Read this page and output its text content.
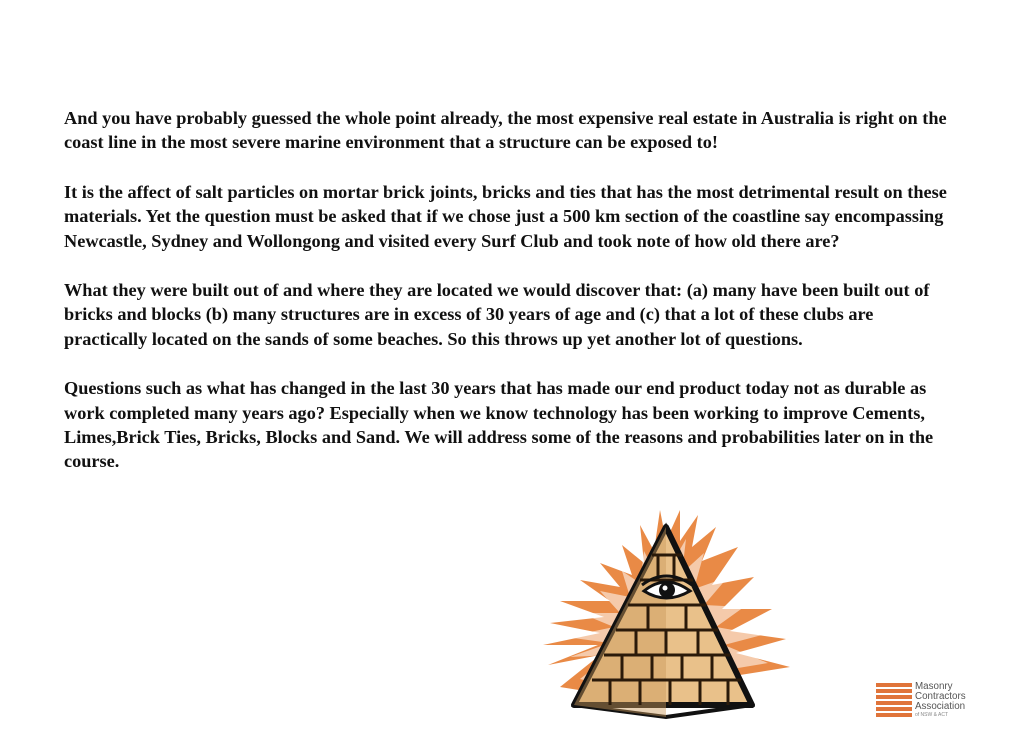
And you have probably guessed the whole point already, the most expensive real estate in Australia is right on the coast line in the most severe marine environment that a structure can be exposed to!

It is the affect of salt particles on mortar brick joints, bricks and ties that has the most detrimental result on these materials. Yet the question must be asked that if we chose just a 500 km section of the coastline say encompassing Newcastle, Sydney and Wollongong and visited every Surf Club and took note of how old there are?

What they were built out of and where they are located we would discover that: (a) many have been built out of bricks and blocks (b) many structures are in excess of 30 years of age and (c) that a lot of these clubs are practically located on the sands of some beaches. So this throws up yet another lot of questions.

Questions such as what has changed in the last 30 years that has made our end product today not as durable as work completed many years ago? Especially when we know technology has been working to improve Cements, Limes,Brick Ties, Bricks, Blocks and Sand. We will address some of the reasons and probabilities later on in the course.

Masonry
Contractors
Association
of NSW & ACT
